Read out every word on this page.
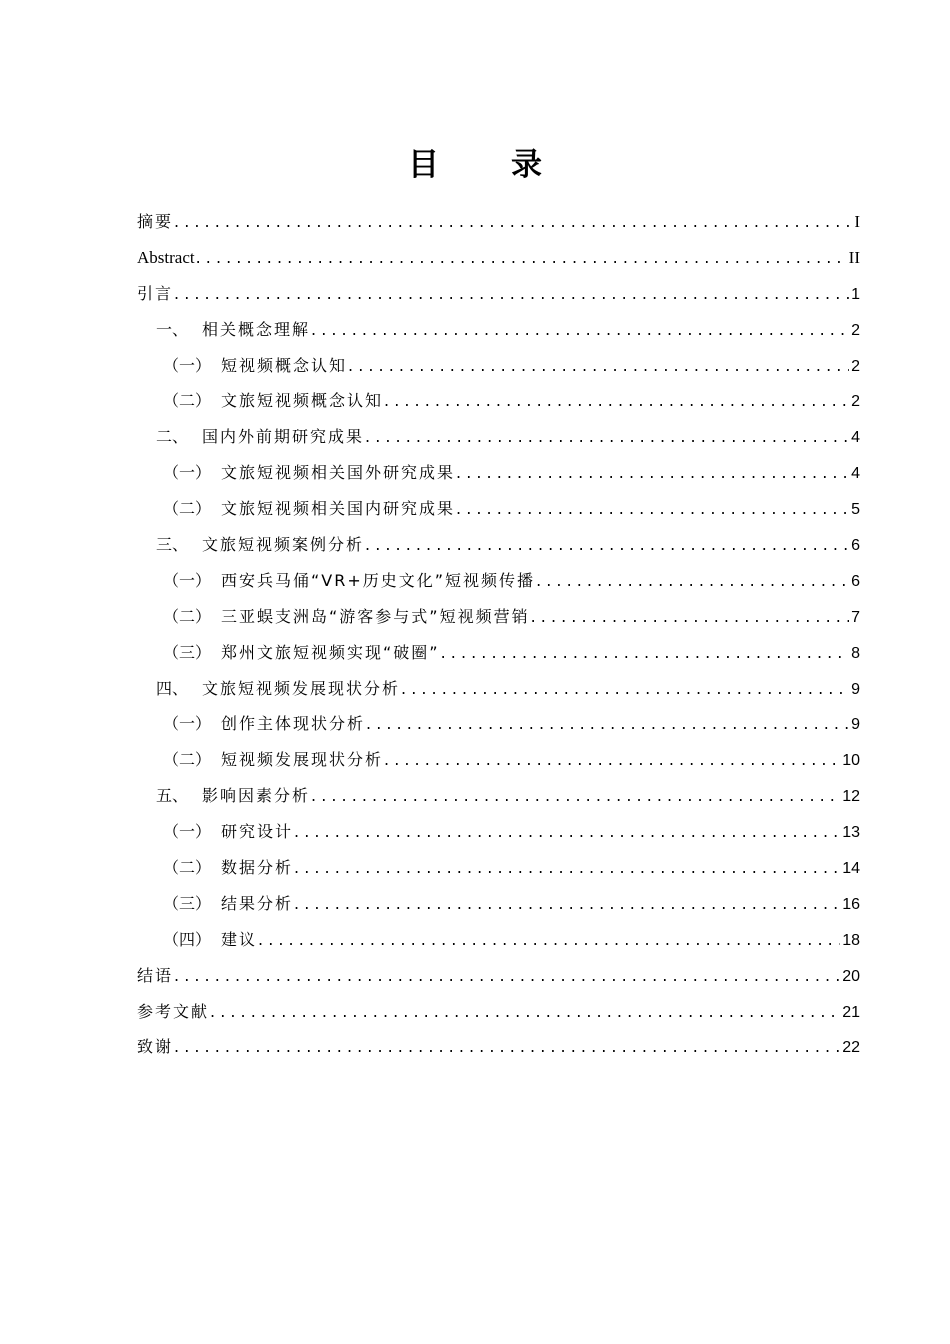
目 录
摘要 . . .	I
Abstract . . .	II
引言 . . .	1
一、 相关概念理解 . . .	2
（一） 短视频概念认知 . . .	2
（二） 文旅短视频概念认知 . . .	2
二、 国内外前期研究成果 . . .	4
（一） 文旅短视频相关国外研究成果 . . .	4
（二） 文旅短视频相关国内研究成果 . . .	5
三、 文旅短视频案例分析 . . .	6
（一） 西安兵马俑“VR+历史文化”短视频传播 . . .	6
（二） 三亚蜈支洲岛“游客参与式”短视频营销 . . .	7
（三） 郑州文旅短视频实现“破圈” . . .	8
四、 文旅短视频发展现状分析 . . .	9
（一） 创作主体现状分析 . . .	9
（二） 短视频发展现状分析 . . .	10
五、 影响因素分析 . . .	12
（一） 研究设计 . . .	13
（二） 数据分析 . . .	14
（三） 结果分析 . . .	16
（四） 建议 . . .	18
结语 . . .	20
参考文献 . . .	21
致谢 . . .	22
